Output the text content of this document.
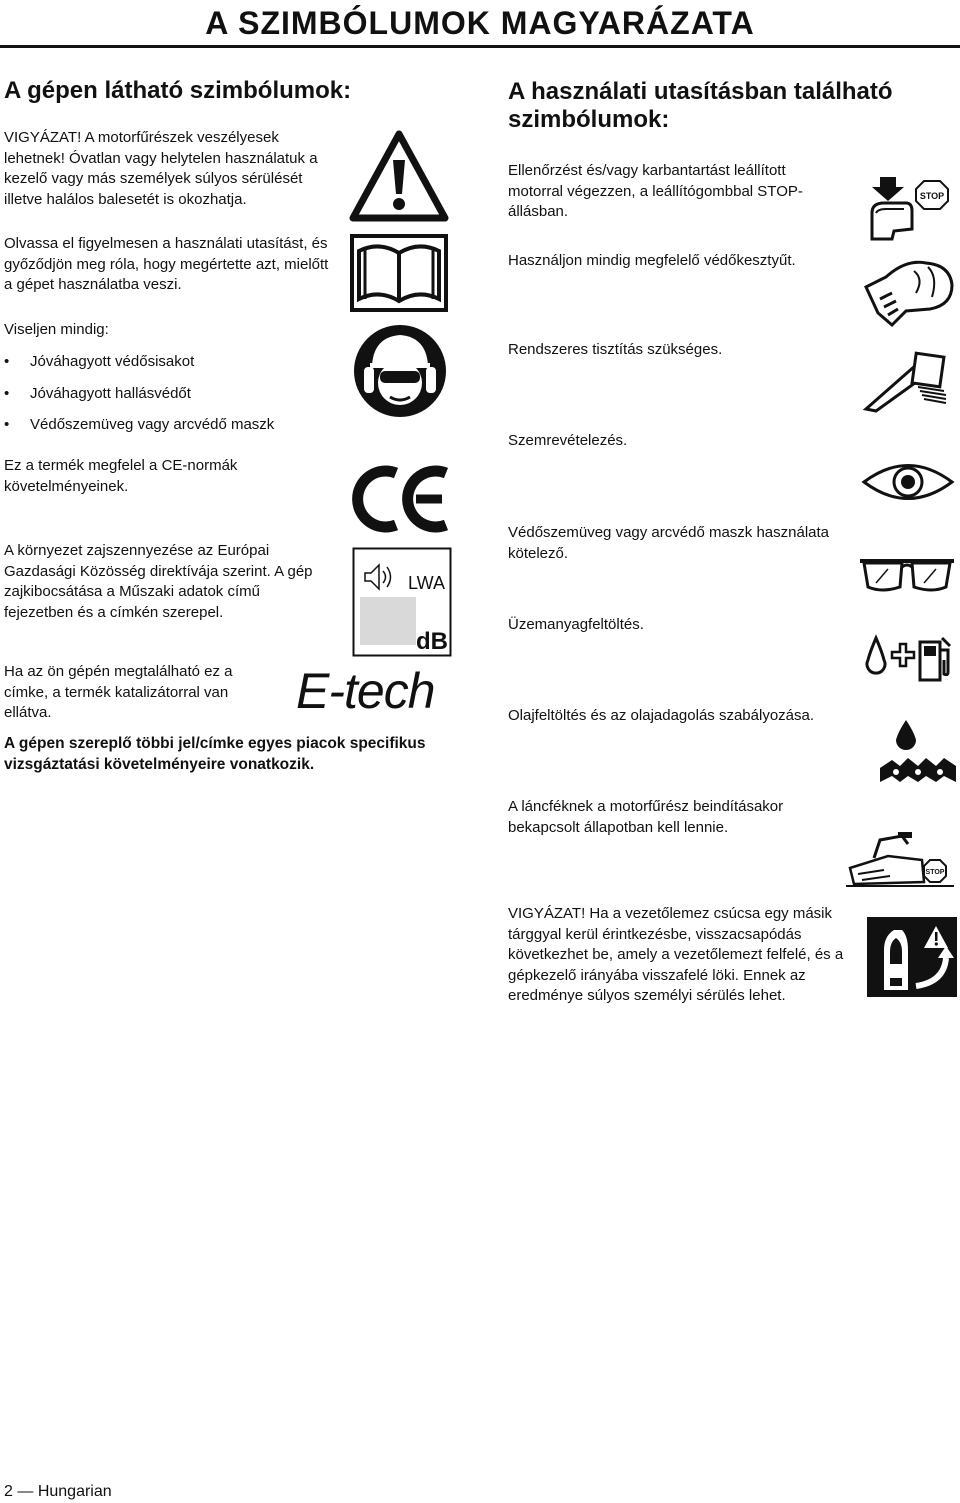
A SZIMBÓLUMOK MAGYARÁZATA
A gépen látható szimbólumok:

VIGYÁZAT! A motorfűrészek veszélyesek lehetnek! Óvatlan vagy helytelen használatuk a kezelő vagy más személyek súlyos sérülését illetve halálos balesetét is okozhatja.

Olvassa el figyelmesen a használati utasítást, és győződjön meg róla, hogy megértette azt, mielőtt a gépet használatba veszi.

Viseljen mindig:

• Jóváhagyott védősisakot
• Jóváhagyott hallásvédőt
• Védőszemüveg vagy arcvédő maszk

Ez a termék megfelel a CE-normák követelményeinek.

A környezet zajszennyezése az Európai Gazdasági Közösség direktívája szerint. A gép zajkibocsátása a Műszaki adatok című fejezetben és a címkén szerepel.

Ha az ön gépén megtalálható ez a címke, a termék katalizátorral van ellátva.

A gépen szereplő többi jel/címke egyes piacok specifikus vizsgáztatási követelményeire vonatkozik.

LWA
dB
E-tech
A használati utasításban található szimbólumok:

Ellenőrzést és/vagy karbantartást leállított motorral végezzen, a leállítógombbal STOP-állásban.

Használjon mindig megfelelő védőkesztyűt.

Rendszeres tisztítás szükséges.

Szemrevételezés.

Védőszemüveg vagy arcvédő maszk használata kötelező.

Üzemanyagfeltöltés.

Olajfeltöltés és az olajadagolás szabályozása.

A láncféknek a motorfűrész beindításakor bekapcsolt állapotban kell lennie.

VIGYÁZAT! Ha a vezetőlemez csúcsa egy másik tárggyal kerül érintkezésbe, visszacsapódás következhet be, amely a vezetőlemezt felfelé, és a gépkezelő irányába visszafelé löki. Ennek az eredménye súlyos személyi sérülés lehet.

STOP
STOP
2 — Hungarian
